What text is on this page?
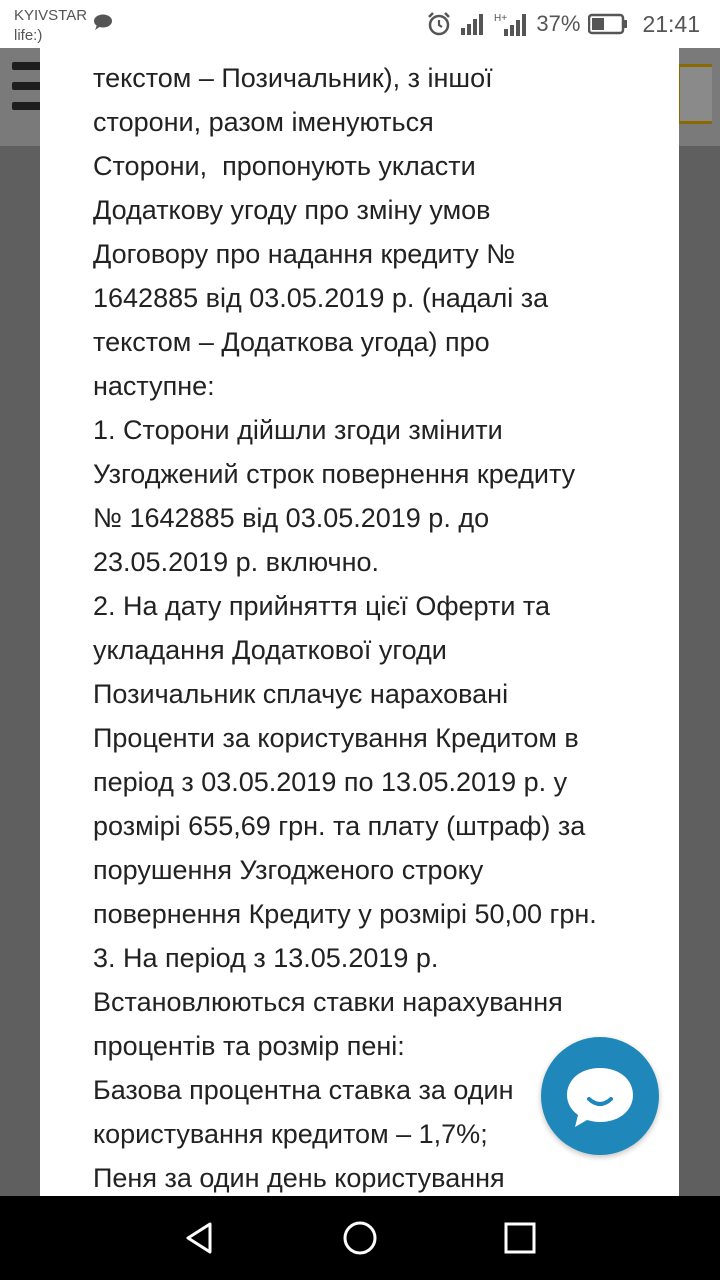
KYIVSTAR
life:)
H+ 37%	21:41
текстом – Позичальник), з іншої
сторони, разом іменуються
Сторони,  пропонують укласти
Додаткову угоду про зміну умов
Договору про надання кредиту №
1642885 від 03.05.2019 р. (надалі за
текстом – Додаткова угода) про
наступне:
1. Сторони дійшли згоди змінити
Узгоджений строк повернення кредиту
№ 1642885 від 03.05.2019 р. до
23.05.2019 р. включно.
2. На дату прийняття цієї Оферти та
укладання Додаткової угоди
Позичальник сплачує нараховані
Проценти за користування Кредитом в
період з 03.05.2019 по 13.05.2019 р. у
розмірі 655,69 грн. та плату (штраф) за
порушення Узгодженого строку
повернення Кредиту у розмірі 50,00 грн.
3. На період з 13.05.2019 р.
Встановлюються ставки нарахування
процентів та розмір пені:
Базова процентна ставка за один
користування кредитом – 1,7%;
Пеня за один день користування
